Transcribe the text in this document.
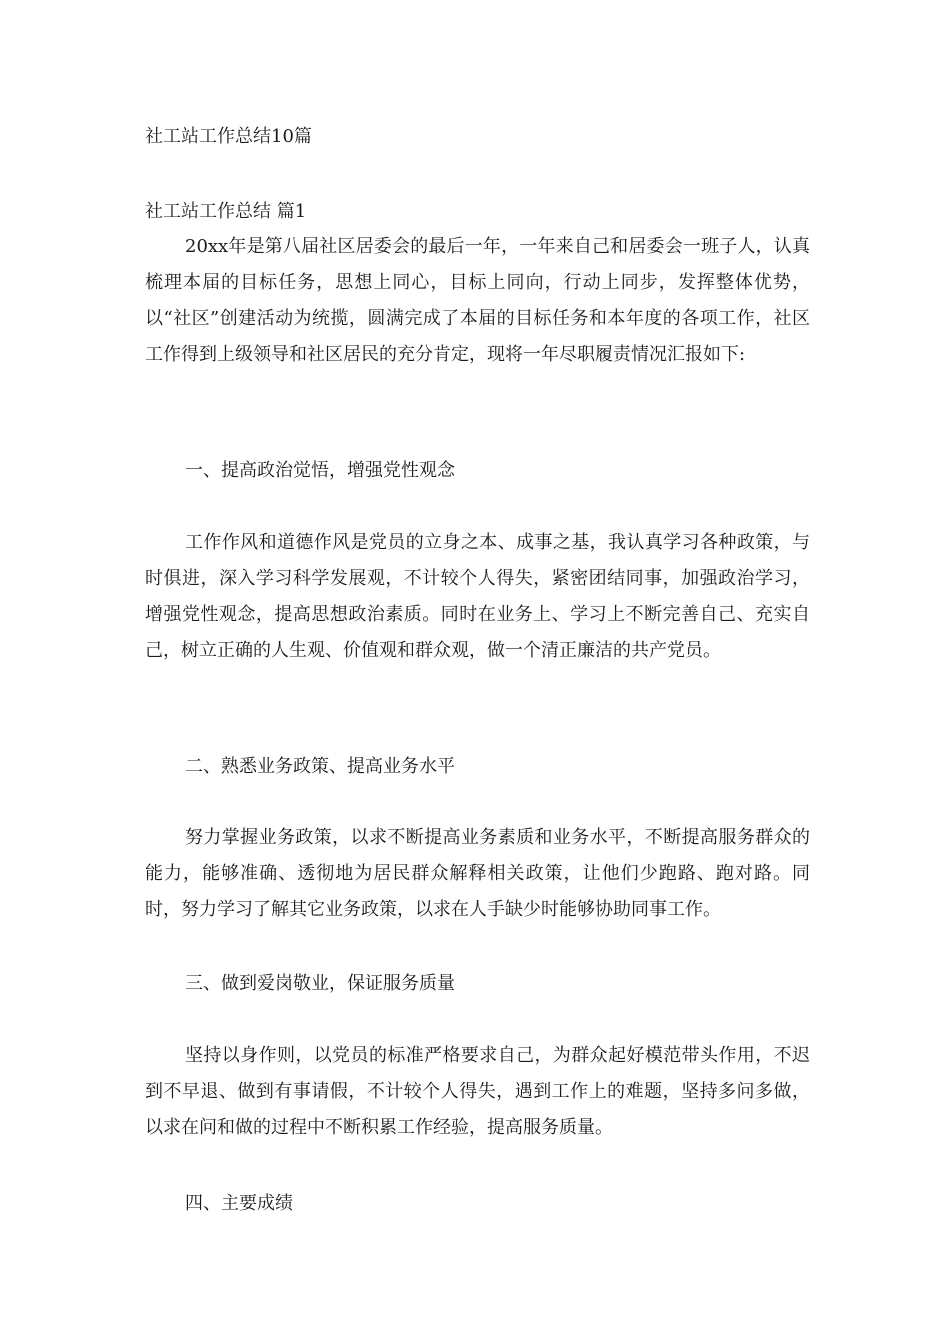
社工站工作总结10篇
社工站工作总结 篇1

20xx年是第八届社区居委会的最后一年，一年来自己和居委会一班子人，认真梳理本届的目标任务，思想上同心，目标上同向，行动上同步，发挥整体优势，以“社区”创建活动为统揽，圆满完成了本届的目标任务和本年度的各项工作，社区工作得到上级领导和社区居民的充分肯定，现将一年尽职履责情况汇报如下:

一、提高政治觉悟，增强党性观念

工作作风和道德作风是党员的立身之本、成事之基，我认真学习各种政策，与时俱进，深入学习科学发展观，不计较个人得失，紧密团结同事，加强政治学习，增强党性观念，提高思想政治素质。同时在业务上、学习上不断完善自己、充实自己，树立正确的人生观、价值观和群众观，做一个清正廉洁的共产党员。

二、熟悉业务政策、提高业务水平

努力掌握业务政策，以求不断提高业务素质和业务水平，不断提高服务群众的能力，能够准确、透彻地为居民群众解释相关政策，让他们少跑路、跑对路。同时，努力学习了解其它业务政策，以求在人手缺少时能够协助同事工作。

三、做到爱岗敬业，保证服务质量

坚持以身作则，以党员的标准严格要求自己，为群众起好模范带头作用，不迟到不早退、做到有事请假，不计较个人得失，遇到工作上的难题，坚持多问多做，以求在问和做的过程中不断积累工作经验，提高服务质量。

四、主要成绩
